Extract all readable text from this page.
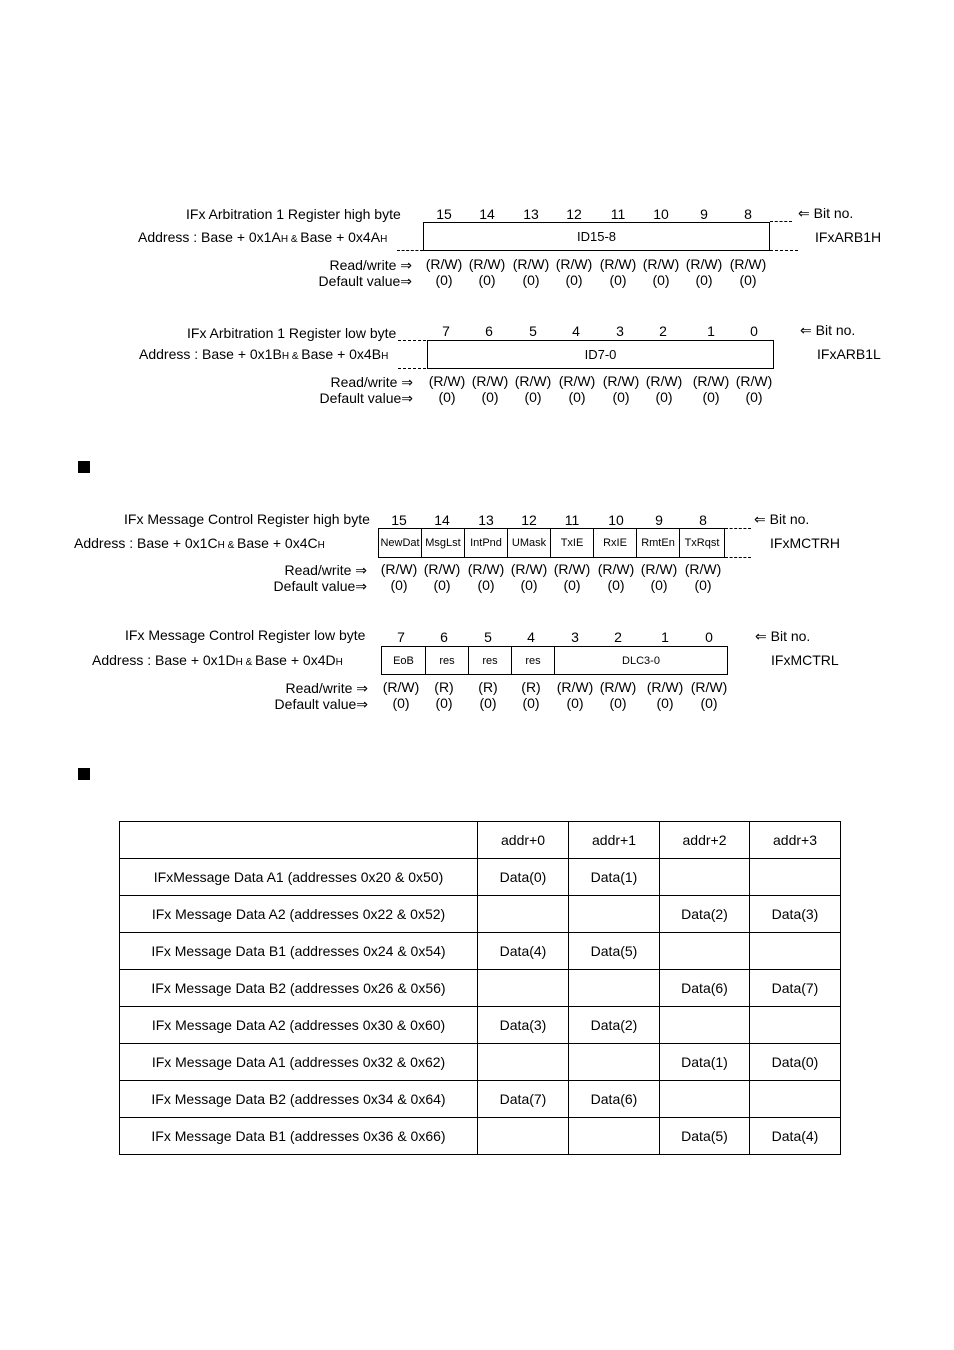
IFx Arbitration 1 Register high byte
Address : Base + 0x1AH & Base + 0x4AH
15	14	13	12	11	10	9	8	⇐ Bit no.
ID15-8	IFxARB1H
Read/write ⇒
Default value⇒
(R/W) (R/W) (R/W) (R/W) (R/W) (R/W) (R/W) (R/W)
(0)	(0)	(0)	(0)	(0)	(0)	(0)	(0)
IFx Arbitration 1 Register low byte
Address : Base + 0x1BH & Base + 0x4BH
7	6	5	4	3	2	1	0	⇐ Bit no.
ID7-0	IFxARB1L
Read/write ⇒
Default value⇒
(R/W) (R/W) (R/W) (R/W) (R/W) (R/W) (R/W) (R/W)
(0)	(0)	(0)	(0)	(0)	(0)	(0)	(0)
IFx Message Control Register high byte
Address : Base + 0x1CH & Base + 0x4CH
15	14	13	12	11	10	9	8	⇐ Bit no.
NewDat MsgLst IntPnd UMask	TxIE	RxIE	RmtEn TxRqst	IFxMCTRH
Read/write ⇒
Default value⇒
(R/W) (R/W) (R/W) (R/W) (R/W) (R/W) (R/W) (R/W)
(0)	(0)	(0)	(0)	(0)	(0)	(0)	(0)
IFx Message Control Register low byte
Address : Base + 0x1DH & Base + 0x4DH
7	6	5	4	3	2	1	0	⇐ Bit no.
EoB	res	res	res	DLC3-0	IFxMCTRL
Read/write ⇒
Default value⇒
(R/W)	(R)	(R)	(R)	(R/W) (R/W) (R/W) (R/W)
(0)	(0)	(0)	(0)	(0)	(0)	(0)	(0)
	addr+0	addr+1	addr+2	addr+3
IFxMessage Data A1 (addresses 0x20 & 0x50)	Data(0)	Data(1)		
IFx Message Data A2 (addresses 0x22 & 0x52)			Data(2)	Data(3)
IFx Message Data B1 (addresses 0x24 & 0x54)	Data(4)	Data(5)		
IFx Message Data B2 (addresses 0x26 & 0x56)			Data(6)	Data(7)
IFx Message Data A2 (addresses 0x30 & 0x60)	Data(3)	Data(2)		
IFx Message Data A1 (addresses 0x32 & 0x62)			Data(1)	Data(0)
IFx Message Data B2 (addresses 0x34 & 0x64)	Data(7)	Data(6)		
IFx Message Data B1 (addresses 0x36 & 0x66)			Data(5)	Data(4)
